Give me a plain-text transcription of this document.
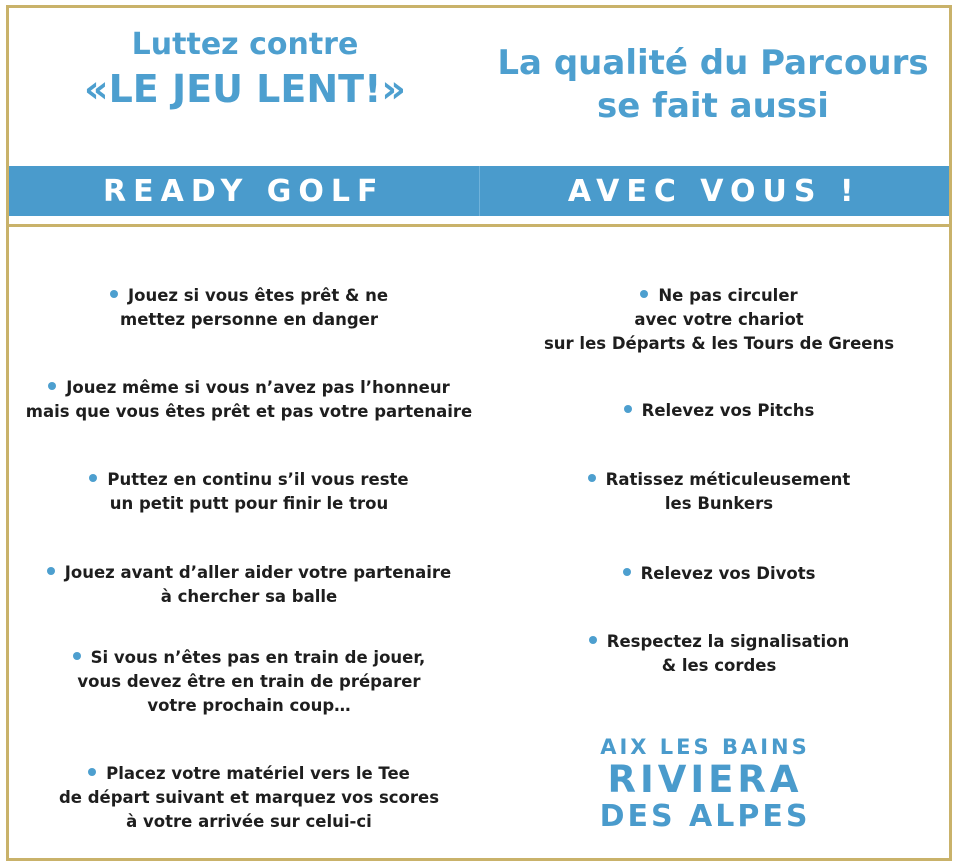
Luttez contre
«LE JEU LENT!»
La qualité du Parcours
se fait aussi
READY GOLF	AVEC VOUS !
Jouez si vous êtes prêt & ne
mettez personne en danger
Jouez même si vous n’avez pas l’honneur
mais que vous êtes prêt et pas votre partenaire
Puttez en continu s’il vous reste
un petit putt pour finir le trou
Jouez avant d’aller aider votre partenaire
à chercher sa balle
Si vous n’êtes pas en train de jouer,
vous devez être en train de préparer
votre prochain coup…
Placez votre matériel vers le Tee
de départ suivant et marquez vos scores
à votre arrivée sur celui-ci
Ne pas circuler
avec votre chariot
sur les Départs & les Tours de Greens
Relevez vos Pitchs
Ratissez méticuleusement
les Bunkers
Relevez vos Divots
Respectez la signalisation
& les cordes
AIX LES BAINS
RIVIERA
DES ALPES
